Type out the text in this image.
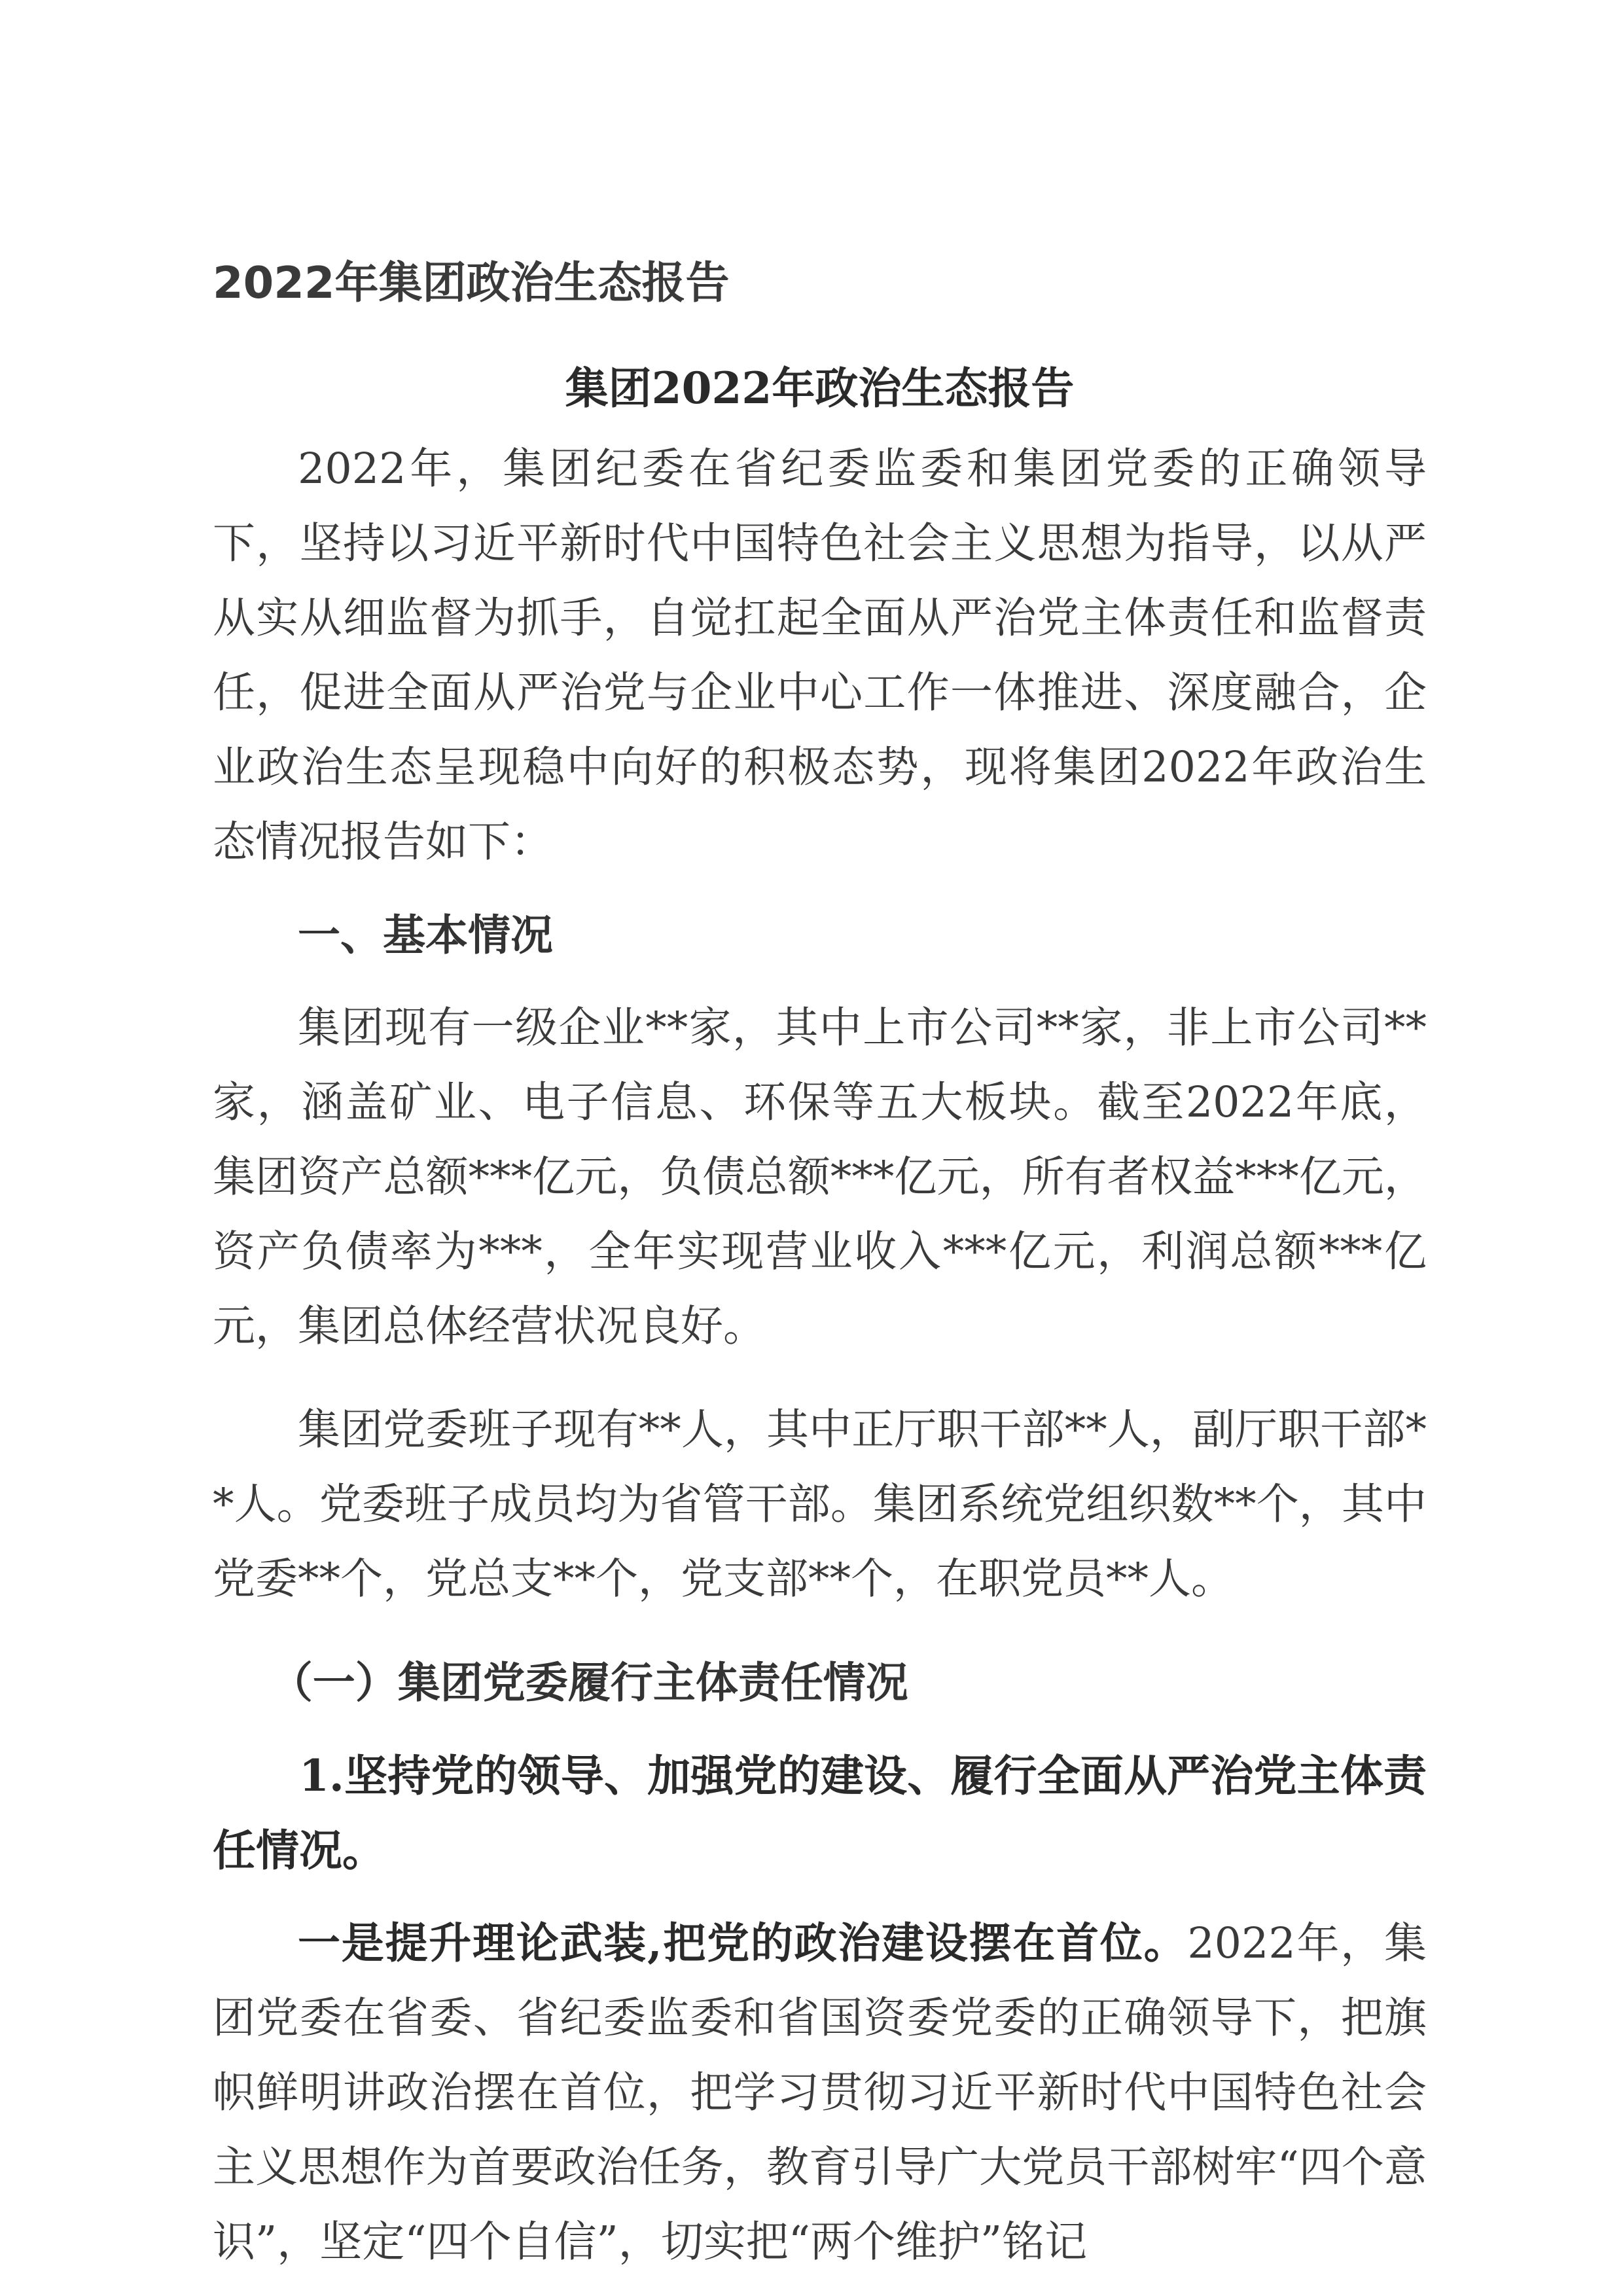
2022年集团政治生态报告
集团2022年政治生态报告

2022年，集团纪委在省纪委监委和集团党委的正确领导下，坚持以习近平新时代中国特色社会主义思想为指导，以从严从实从细监督为抓手，自觉扛起全面从严治党主体责任和监督责任，促进全面从严治党与企业中心工作一体推进、深度融合，企业政治生态呈现稳中向好的积极态势，现将集团2022年政治生态情况报告如下：

一、基本情况

集团现有一级企业**家，其中上市公司**家，非上市公司**家，涵盖矿业、电子信息、环保等五大板块。截至2022年底，集团资产总额***亿元，负债总额***亿元，所有者权益***亿元，资产负债率为***，全年实现营业收入***亿元，利润总额***亿元，集团总体经营状况良好。

集团党委班子现有**人，其中正厅职干部**人，副厅职干部**人。党委班子成员均为省管干部。集团系统党组织数**个，其中党委**个，党总支**个，党支部**个，在职党员**人。

（一）集团党委履行主体责任情况

1.坚持党的领导、加强党的建设、履行全面从严治党主体责任情况。

一是提升理论武装,把党的政治建设摆在首位。2022年，集团党委在省委、省纪委监委和省国资委党委的正确领导下，把旗帜鲜明讲政治摆在首位，把学习贯彻习近平新时代中国特色社会主义思想作为首要政治任务，教育引导广大党员干部树牢“四个意识”，坚定“四个自信”，切实把“两个维护”铭记
